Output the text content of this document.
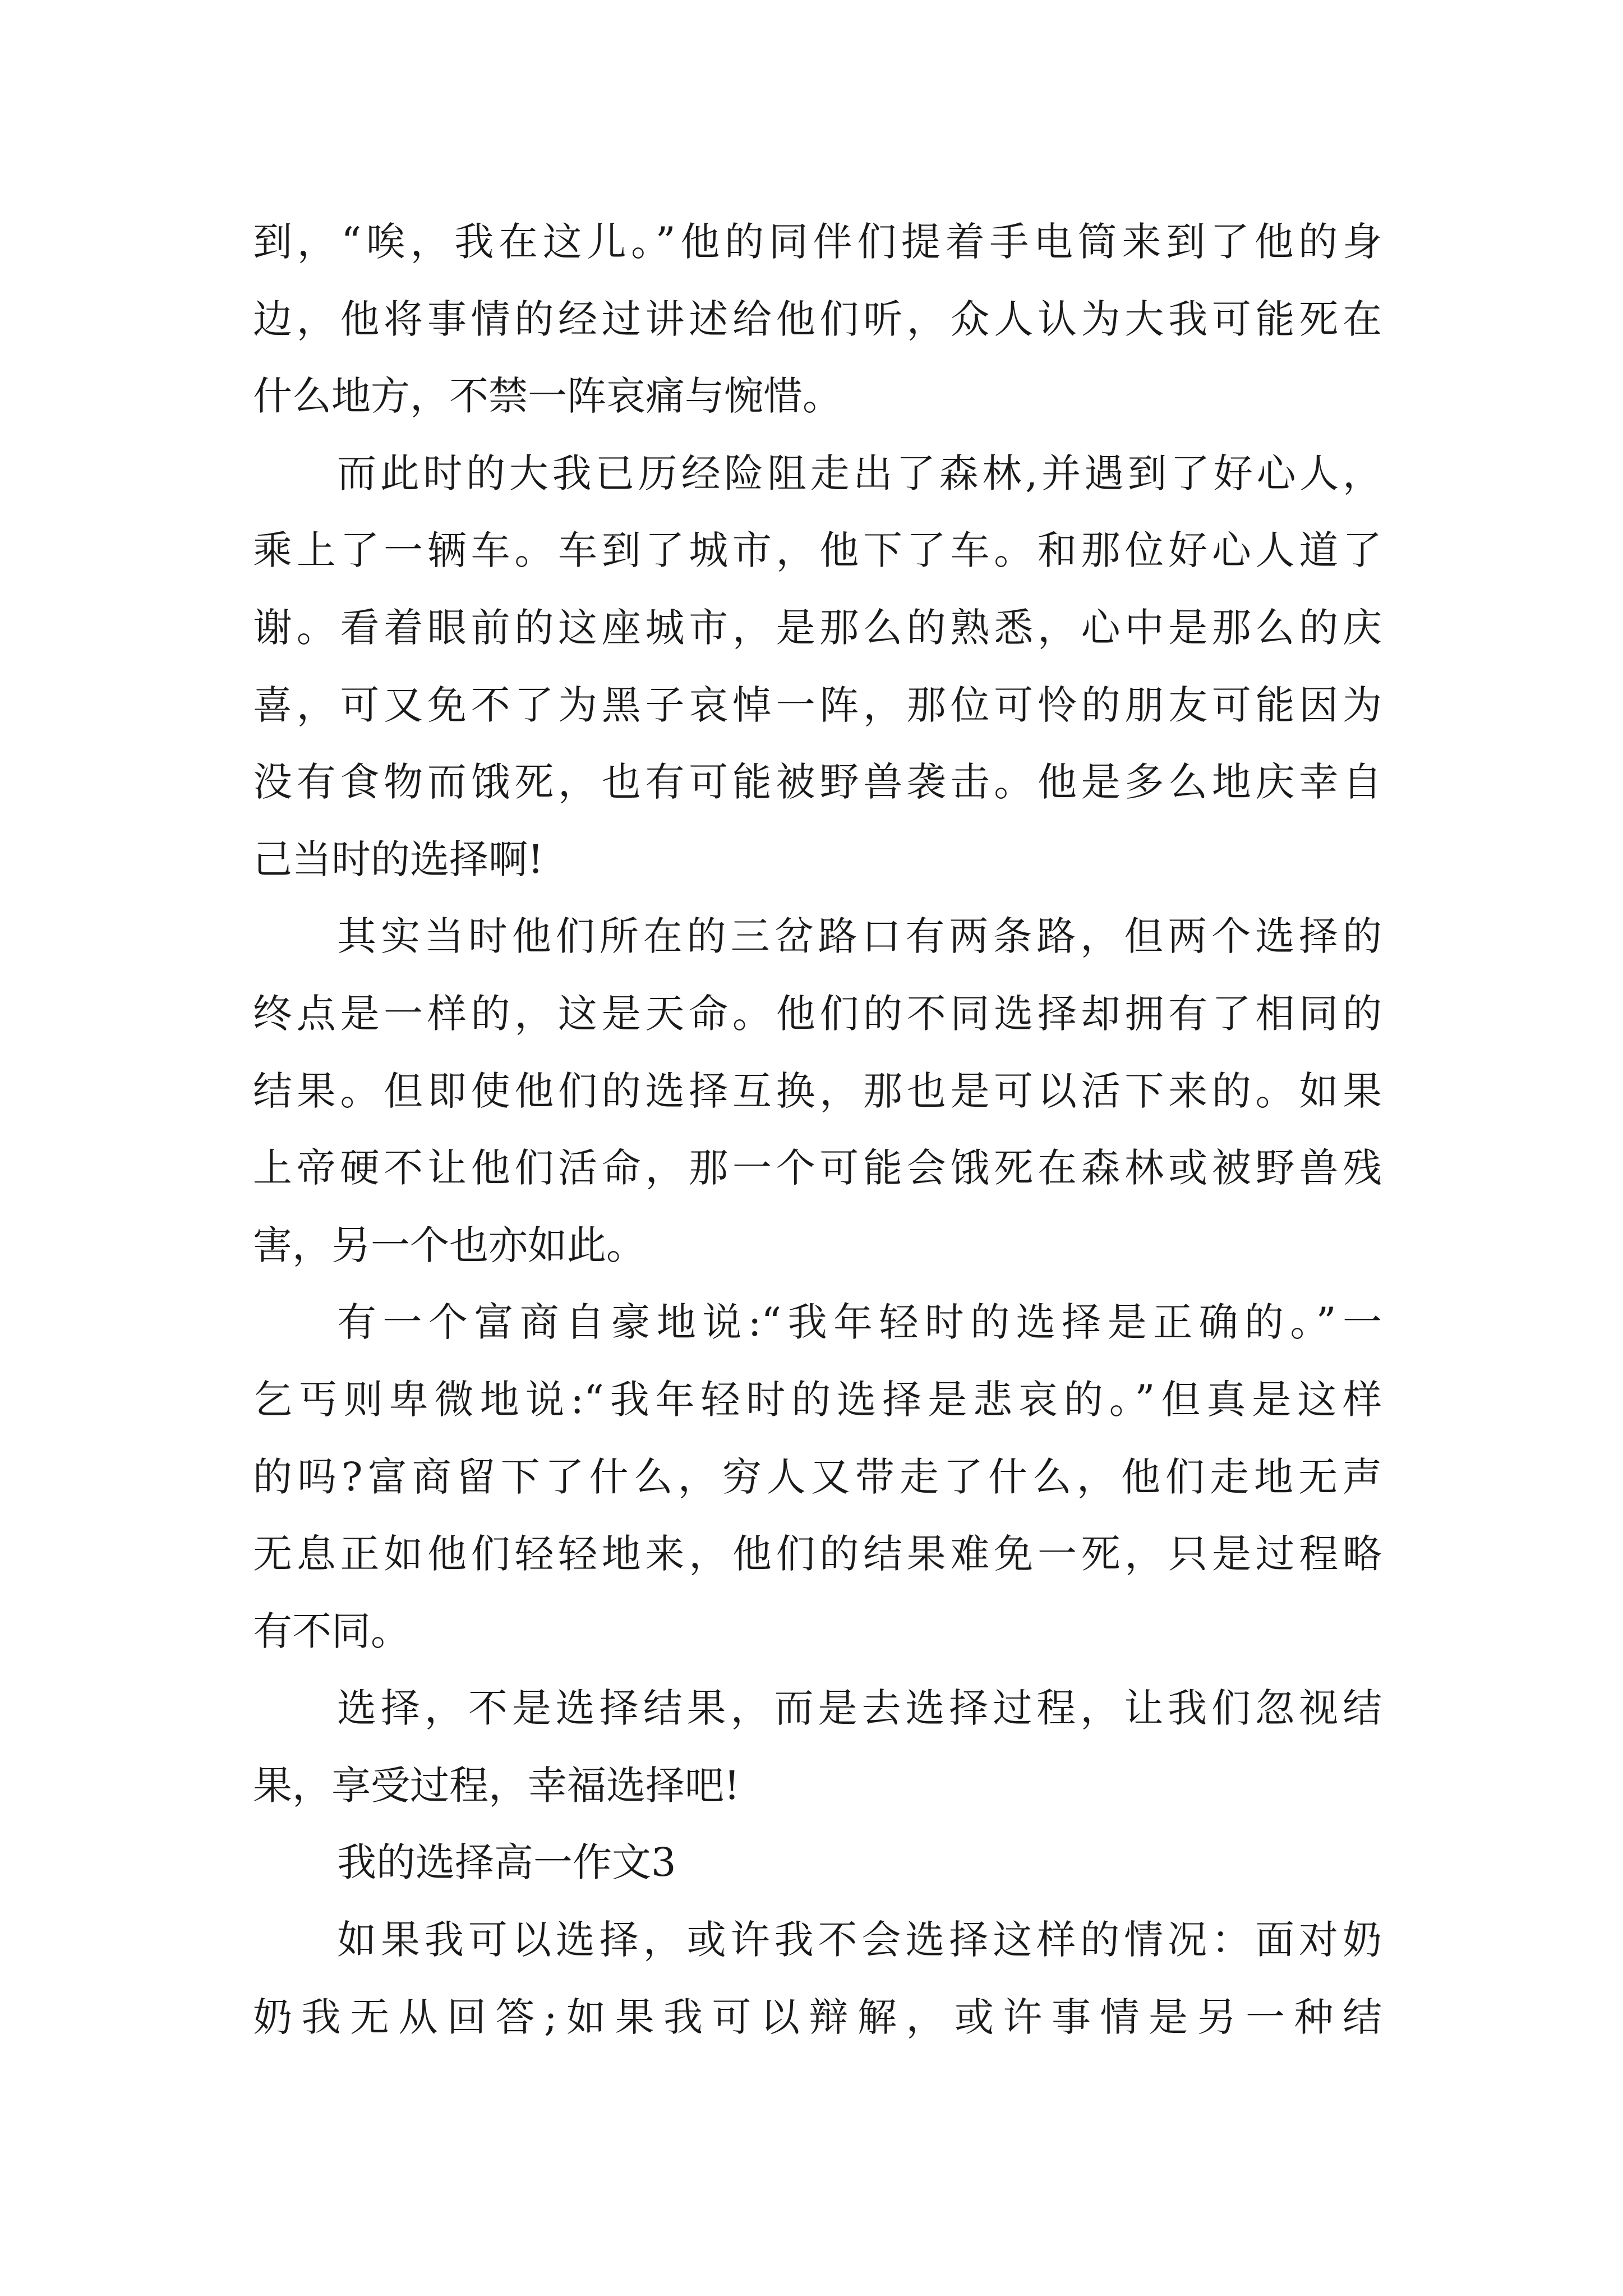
到，“唉，我在这儿。”他的同伴们提着手电筒来到了他的身
边，他将事情的经过讲述给他们听，众人认为大我可能死在
什么地方，不禁一阵哀痛与惋惜。
而此时的大我已历经险阻走出了森林,并遇到了好心人，
乘上了一辆车。车到了城市，他下了车。和那位好心人道了
谢。看着眼前的这座城市，是那么的熟悉，心中是那么的庆
喜，可又免不了为黑子哀悼一阵，那位可怜的朋友可能因为
没有食物而饿死，也有可能被野兽袭击。他是多么地庆幸自
己当时的选择啊!
其实当时他们所在的三岔路口有两条路，但两个选择的
终点是一样的，这是天命。他们的不同选择却拥有了相同的
结果。但即使他们的选择互换，那也是可以活下来的。如果
上帝硬不让他们活命，那一个可能会饿死在森林或被野兽残
害，另一个也亦如此。
有一个富商自豪地说:“我年轻时的选择是正确的。”一
乞丐则卑微地说:“我年轻时的选择是悲哀的。”但真是这样
的吗?富商留下了什么，穷人又带走了什么，他们走地无声
无息正如他们轻轻地来，他们的结果难免一死，只是过程略
有不同。
选择，不是选择结果，而是去选择过程，让我们忽视结
果，享受过程，幸福选择吧!
我的选择高一作文3
如果我可以选择，或许我不会选择这样的情况：面对奶
奶我无从回答;如果我可以辩解，或许事情是另一种结
